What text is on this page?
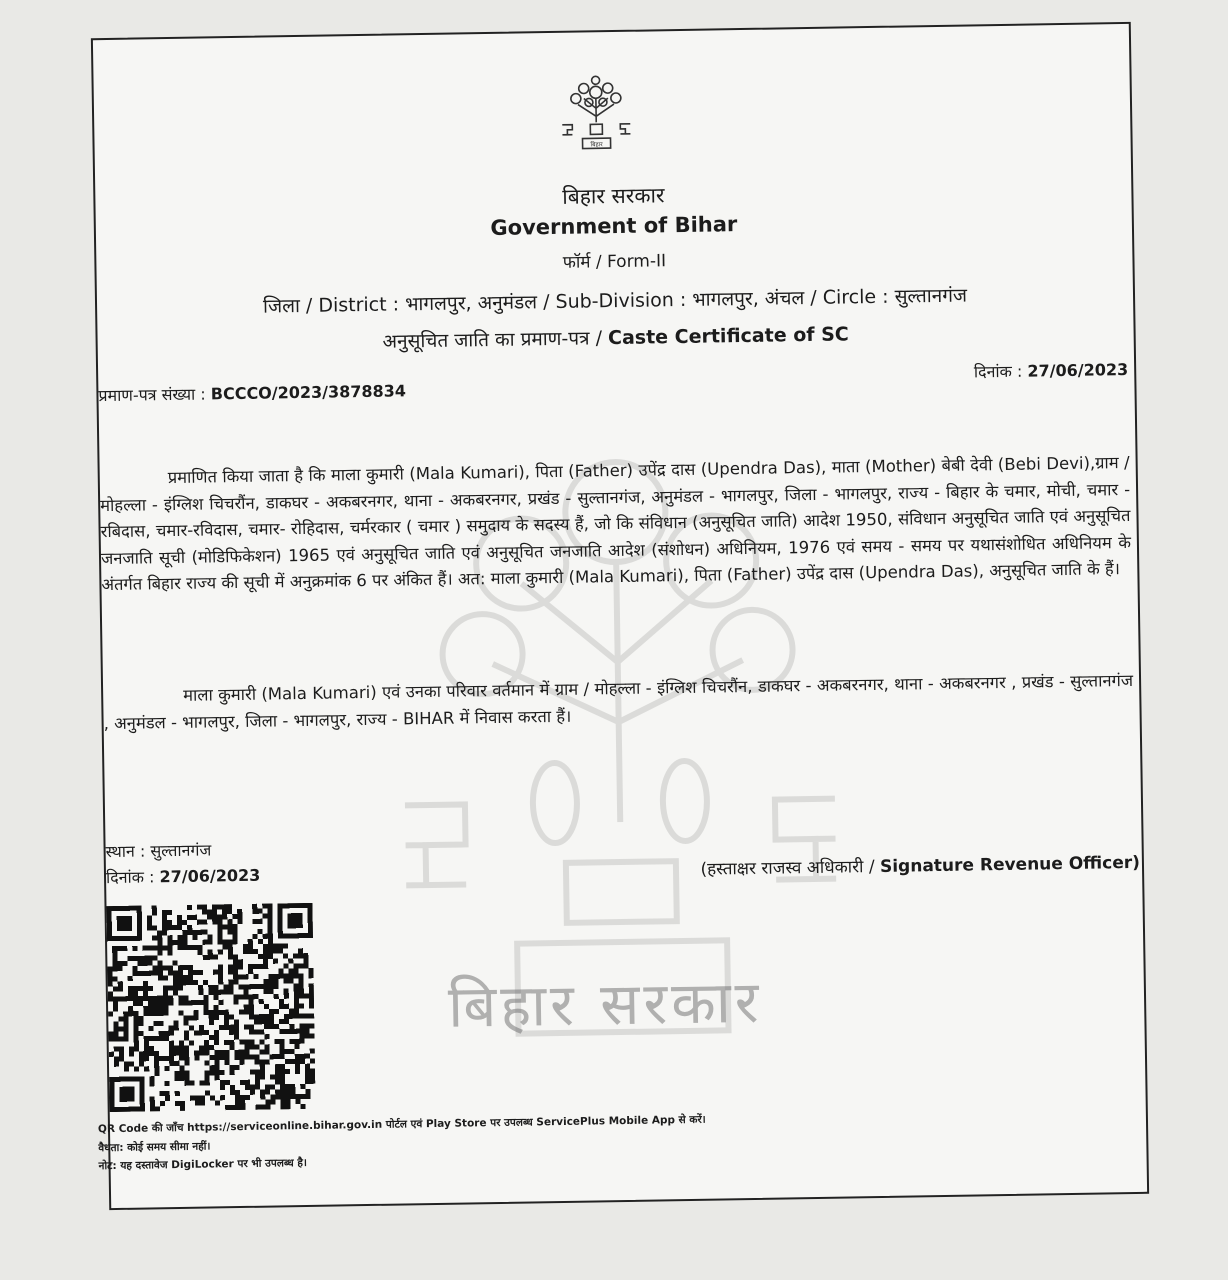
बिहार
बिहार सरकार
बिहार सरकार
Government of Bihar
फॉर्म / Form-II
जिला / District : भागलपुर, अनुमंडल / Sub-Division : भागलपुर, अंचल / Circle : सुल्तानगंज
अनुसूचित जाति का प्रमाण-पत्र / Caste Certificate of SC
प्रमाण-पत्र संख्या : BCCCO/2023/3878834
दिनांक : 27/06/2023
प्रमाणित किया जाता है कि माला कुमारी (Mala Kumari), पिता (Father) उपेंद्र दास (Upendra Das), माता (Mother) बेबी देवी (Bebi Devi),ग्राम / मोहल्ला - इंग्लिश चिचरौंन, डाकघर - अकबरनगर, थाना - अकबरनगर, प्रखंड - सुल्तानगंज, अनुमंडल - भागलपुर, जिला - भागलपुर, राज्य - बिहार के चमार, मोची, चमार - रबिदास, चमार-रविदास, चमार- रोहिदास, चर्मरकार ( चमार ) समुदाय के सदस्य हैं, जो कि संविधान (अनुसूचित जाति) आदेश 1950, संविधान अनुसूचित जाति एवं अनुसूचित जनजाति सूची (मोडिफिकेशन) 1965 एवं अनुसूचित जाति एवं अनुसूचित जनजाति आदेश (संशोधन) अधिनियम, 1976 एवं समय - समय पर यथासंशोधित अधिनियम के अंतर्गत बिहार राज्य की सूची में अनुक्रमांक 6 पर अंकित हैं। अत: माला कुमारी (Mala Kumari), पिता (Father) उपेंद्र दास (Upendra Das), अनुसूचित जाति के हैं।
माला कुमारी (Mala Kumari) एवं उनका परिवार वर्तमान में ग्राम / मोहल्ला - इंग्लिश चिचरौंन, डाकघर - अकबरनगर, थाना - अकबरनगर , प्रखंड - सुल्तानगंज , अनुमंडल - भागलपुर, जिला - भागलपुर, राज्य - BIHAR में निवास करता हैं।
स्थान : सुल्तानगंज
दिनांक : 27/06/2023	(हस्ताक्षर राजस्व अधिकारी / Signature Revenue Officer)
QR Code की जाँच https://serviceonline.bihar.gov.in पोर्टल एवं Play Store पर उपलब्ध ServicePlus Mobile App से करें।
वैधता: कोई समय सीमा नहीं।
नोट: यह दस्तावेज DigiLocker पर भी उपलब्ध है।
